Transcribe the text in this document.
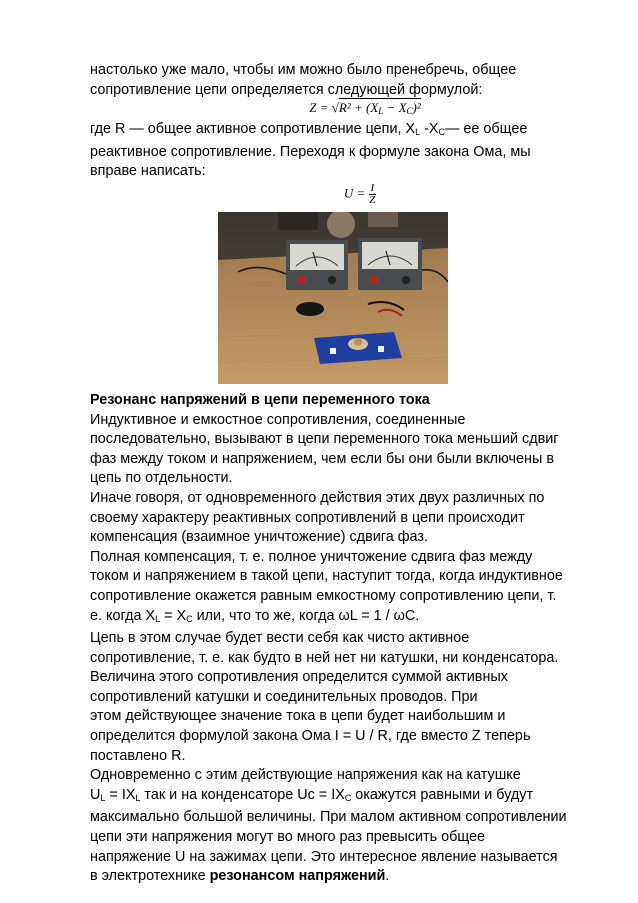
настолько уже мало, чтобы им можно было пренебречь, общее
сопротивление цепи определяется следующей формулой:
$Z = √R^2 + (X_L - X_C)^2$
где R — общее активное сопротивление цепи, $X_L$ $-X_C—$ ее общее
реактивное сопротивление. Переходя к формуле закона Ома, мы
вправе написать:
$U = \frac{I}{Z}$
Резонанс напряжений в цепи переменного тока
Индуктивное и емкостное сопротивления, соединенные
последовательно, вызывают в цепи переменного тока меньший сдвиг
фаз между током и напряжением, чем если бы они были включены в
цепь по отдельности.
Иначе говоря, от одновременного действия этих двух различных по
своему характеру реактивных сопротивлений в цепи происходит
компенсация (взаимное уничтожение) сдвига фаз.
Полная компенсация, т. е. полное уничтожение сдвига фаз между
током и напряжением в такой цепи, наступит тогда, когда индуктивное
сопротивление окажется равным емкостному сопротивлению цепи, т.
е. когда $X_L = X_C$ или, что то же, когда ωL = 1 / ωC.
Цепь в этом случае будет вести себя как чисто активное
сопротивление, т. е. как будто в ней нет ни катушки, ни конденсатора.
Величина этого сопротивления определится суммой активных
сопротивлений катушки и соединительных проводов. При
этом действующее значение тока в цепи будет наибольшим и
определится формулой закона Ома I = U / R, где вместо Z теперь
поставлено R.
Одновременно с этим действующие напряжения как на катушке
$U_L = IX_L$ так и на конденсаторе $Uc = IX_C$ окажутся равными и будут
максимально большой величины. При малом активном сопротивлении
цепи эти напряжения могут во много раз превысить общее
напряжение U на зажимах цепи. Это интересное явление называется
в электротехнике резонансом напряжений.
